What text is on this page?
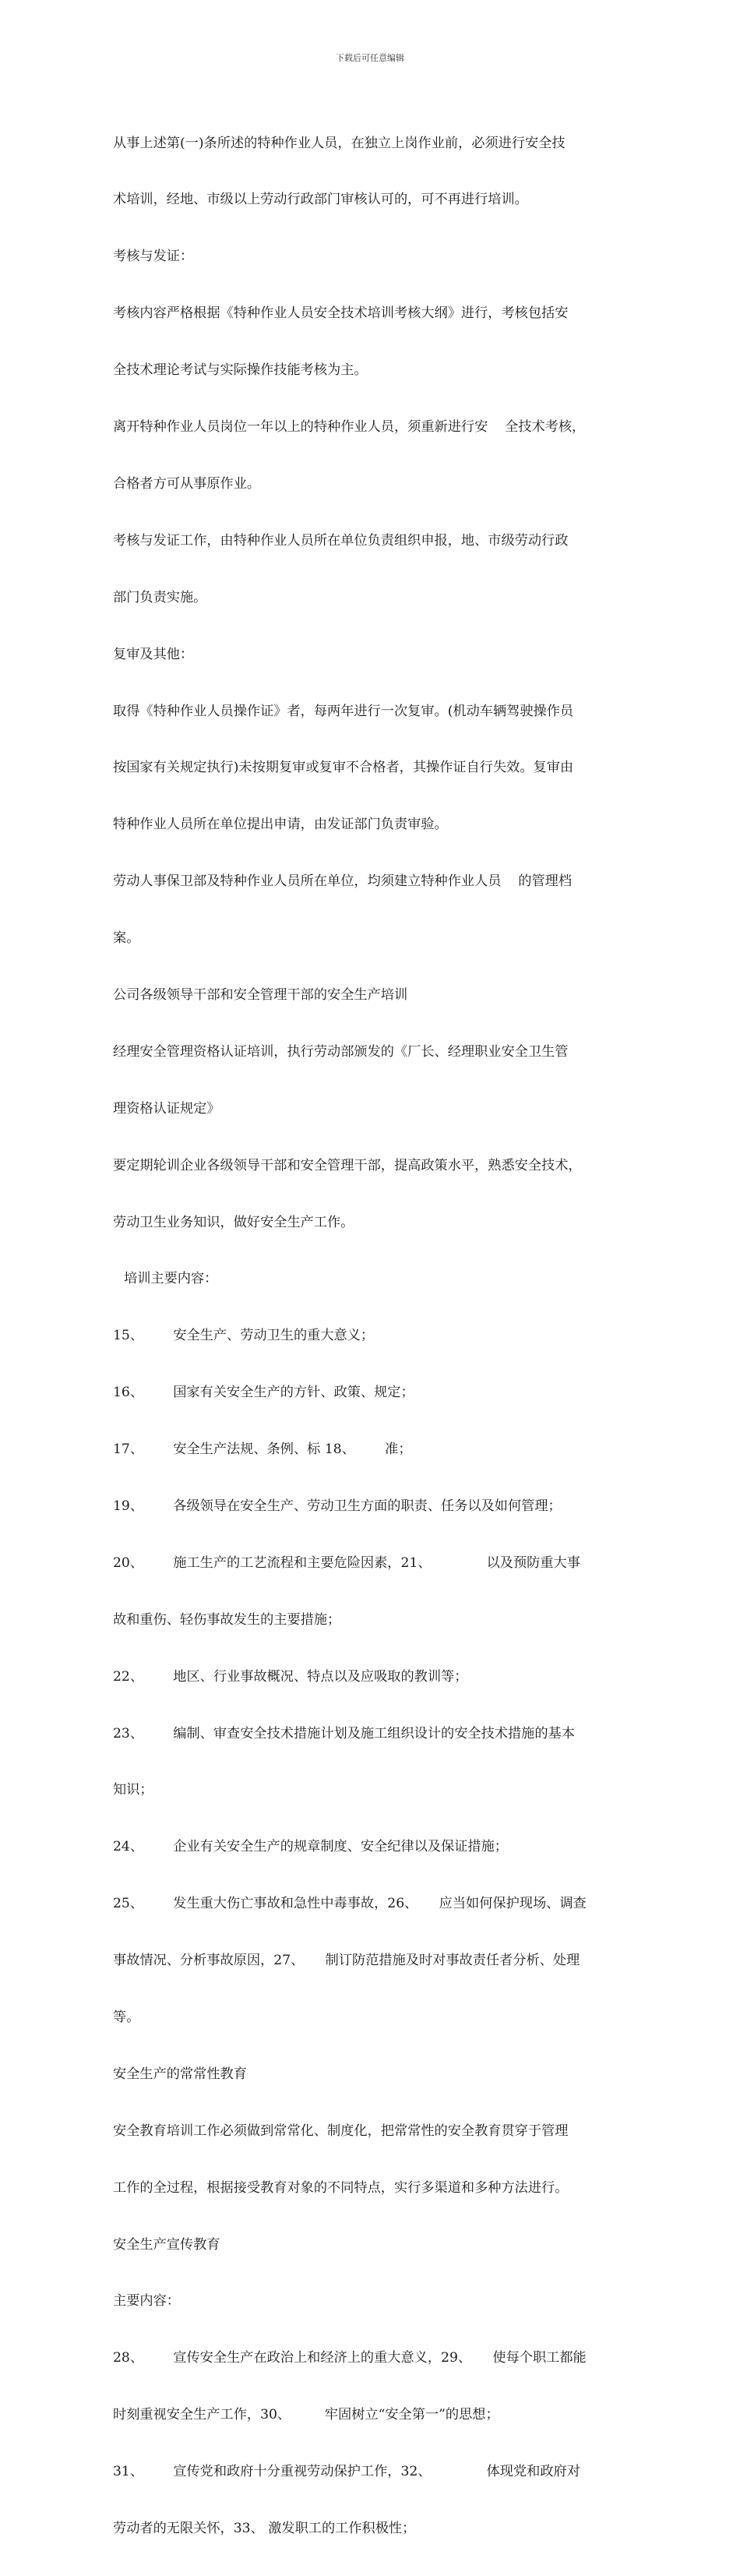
下载后可任意编辑

从事上述第(一)条所述的特种作业人员，在独立上岗作业前，必须进行安全技

术培训，经地、市级以上劳动行政部门审核认可的，可不再进行培训。

考核与发证：

考核内容严格根据《特种作业人员安全技术培训考核大纲》进行，考核包括安

全技术理论考试与实际操作技能考核为主。

离开特种作业人员岗位一年以上的特种作业人员，须重新进行安    全技术考核，

合格者方可从事原作业。

考核与发证工作，由特种作业人员所在单位负责组织申报，地、市级劳动行政

部门负责实施。

复审及其他：

取得《特种作业人员操作证》者，每两年进行一次复审。(机动车辆驾驶操作员

按国家有关规定执行)未按期复审或复审不合格者，其操作证自行失效。复审由

特种作业人员所在单位提出申请，由发证部门负责审验。

劳动人事保卫部及特种作业人员所在单位，均须建立特种作业人员    的管理档

案。

公司各级领导干部和安全管理干部的安全生产培训

经理安全管理资格认证培训，执行劳动部颁发的《厂长、经理职业安全卫生管

理资格认证规定》

要定期轮训企业各级领导干部和安全管理干部，提高政策水平，熟悉安全技术，

劳动卫生业务知识，做好安全生产工作。

培训主要内容：

15、       安全生产、劳动卫生的重大意义；

16、       国家有关安全生产的方针、政策、规定；

17、       安全生产法规、条例、标 18、       准；

19、       各级领导在安全生产、劳动卫生方面的职责、任务以及如何管理；

20、       施工生产的工艺流程和主要危险因素，21、             以及预防重大事

故和重伤、轻伤事故发生的主要措施；

22、       地区、行业事故概况、特点以及应吸取的教训等；

23、       编制、审查安全技术措施计划及施工组织设计的安全技术措施的基本

知识；

24、       企业有关安全生产的规章制度、安全纪律以及保证措施；

25、       发生重大伤亡事故和急性中毒事故，26、     应当如何保护现场、调查

事故情况、分析事故原因，27、     制订防范措施及时对事故责任者分析、处理

等。

安全生产的常常性教育

安全教育培训工作必须做到常常化、制度化，把常常性的安全教育贯穿于管理

工作的全过程，根据接受教育对象的不同特点，实行多渠道和多种方法进行。

安全生产宣传教育

主要内容：

28、       宣传安全生产在政治上和经济上的重大意义，29、     使每个职工都能

时刻重视安全生产工作，30、        牢固树立“安全第一”的思想；

31、       宣传党和政府十分重视劳动保护工作，32、             体现党和政府对

劳动者的无限关怀，33、 激发职工的工作积极性；
